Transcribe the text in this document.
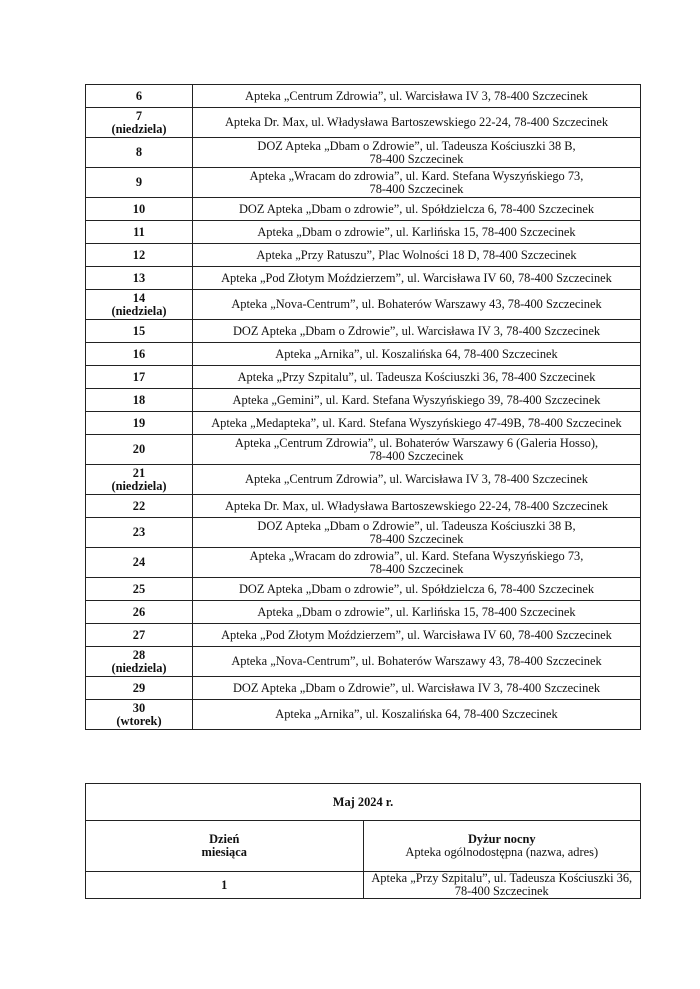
6	Apteka „Centrum Zdrowia”, ul. Warcisława IV 3, 78-400 Szczecinek

7
(niedziela)	Apteka Dr. Max, ul. Władysława Bartoszewskiego 22-24, 78-400 Szczecinek

8	DOZ Apteka „Dbam o Zdrowie”, ul. Tadeusza Kościuszki 38 B,
78-400 Szczecinek

9	Apteka „Wracam do zdrowia”, ul. Kard. Stefana Wyszyńskiego 73,
78-400 Szczecinek

10	DOZ Apteka „Dbam o zdrowie”, ul. Spółdzielcza 6, 78-400 Szczecinek

11	Apteka „Dbam o zdrowie”, ul. Karlińska 15, 78-400 Szczecinek

12	Apteka „Przy Ratuszu”, Plac Wolności 18 D, 78-400 Szczecinek

13	Apteka „Pod Złotym Moździerzem”, ul. Warcisława IV 60, 78-400 Szczecinek

14
(niedziela)	Apteka „Nova-Centrum”, ul. Bohaterów Warszawy 43, 78-400 Szczecinek

15	DOZ Apteka „Dbam o Zdrowie”, ul. Warcisława IV 3, 78-400 Szczecinek

16	Apteka „Arnika”, ul. Koszalińska 64, 78-400 Szczecinek

17	Apteka „Przy Szpitalu”, ul. Tadeusza Kościuszki 36, 78-400 Szczecinek

18	Apteka „Gemini”, ul. Kard. Stefana Wyszyńskiego 39, 78-400 Szczecinek

19	Apteka „Medapteka”, ul. Kard. Stefana Wyszyńskiego 47-49B, 78-400 Szczecinek

20	Apteka „Centrum Zdrowia”, ul. Bohaterów Warszawy 6 (Galeria Hosso),
78-400 Szczecinek

21
(niedziela)	Apteka „Centrum Zdrowia”, ul. Warcisława IV 3, 78-400 Szczecinek

22	Apteka Dr. Max, ul. Władysława Bartoszewskiego 22-24, 78-400 Szczecinek

23	DOZ Apteka „Dbam o Zdrowie”, ul. Tadeusza Kościuszki 38 B,
78-400 Szczecinek

24	Apteka „Wracam do zdrowia”, ul. Kard. Stefana Wyszyńskiego 73,
78-400 Szczecinek

25	DOZ Apteka „Dbam o zdrowie”, ul. Spółdzielcza 6, 78-400 Szczecinek

26	Apteka „Dbam o zdrowie”, ul. Karlińska 15, 78-400 Szczecinek

27	Apteka „Pod Złotym Moździerzem”, ul. Warcisława IV 60, 78-400 Szczecinek

28
(niedziela)	Apteka „Nova-Centrum”, ul. Bohaterów Warszawy 43, 78-400 Szczecinek

29	DOZ Apteka „Dbam o Zdrowie”, ul. Warcisława IV 3, 78-400 Szczecinek

30
(wtorek)	Apteka „Arnika”, ul. Koszalińska 64, 78-400 Szczecinek
Maj 2024 r.	

Dzień
miesiąca	Dyżur nocny
Apteka ogólnodostępna (nazwa, adres)

1	Apteka „Przy Szpitalu”, ul. Tadeusza Kościuszki 36, 78-400 Szczecinek
